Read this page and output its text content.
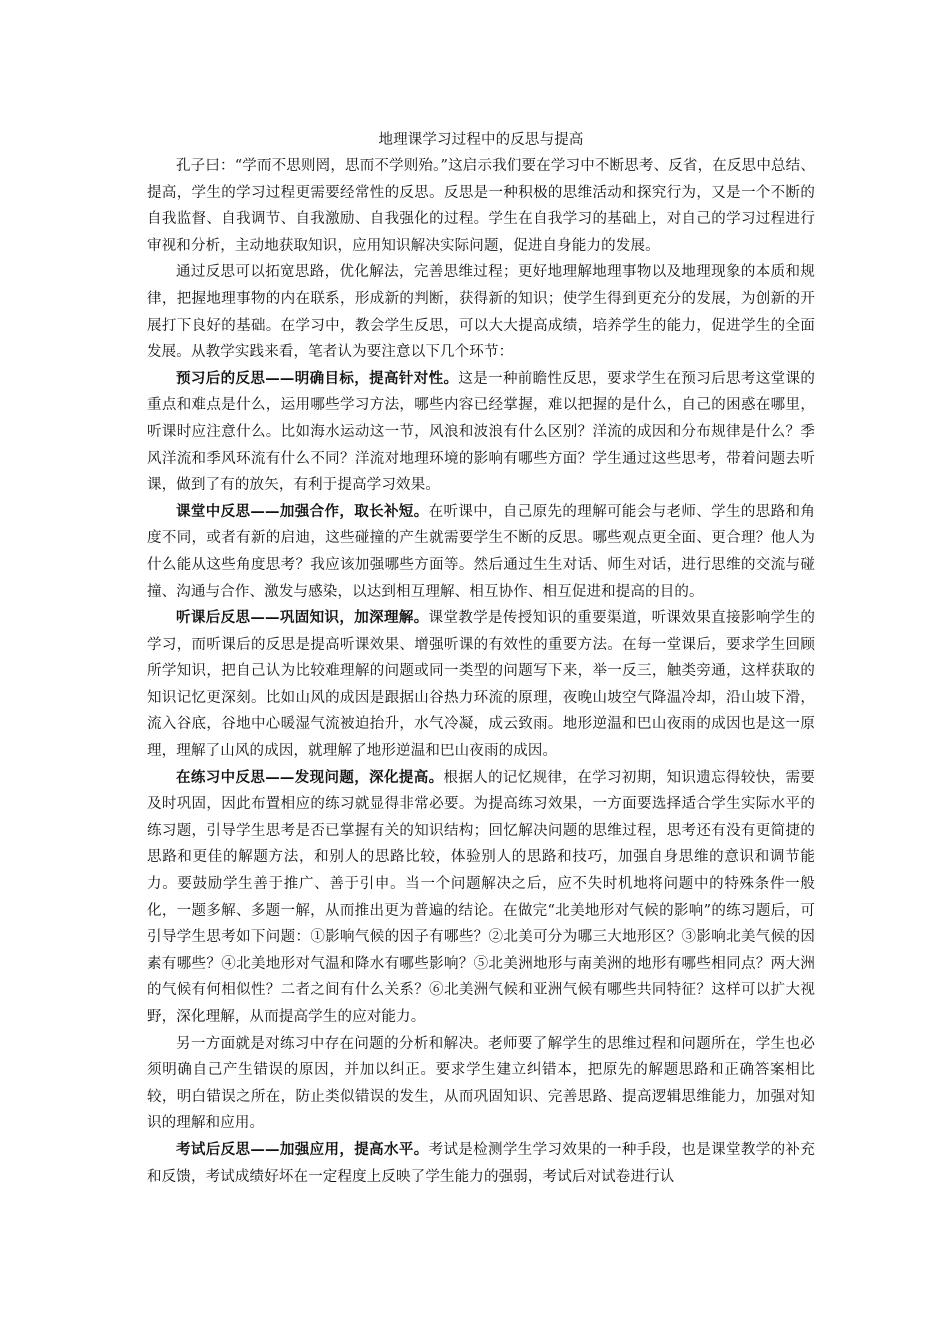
地理课学习过程中的反思与提高

孔子曰：“学而不思则罔，思而不学则殆。”这启示我们要在学习中不断思考、反省，在反思中总结、提高，学生的学习过程更需要经常性的反思。反思是一种积极的思维活动和探究行为，又是一个不断的自我监督、自我调节、自我激励、自我强化的过程。学生在自我学习的基础上，对自己的学习过程进行审视和分析，主动地获取知识，应用知识解决实际问题，促进自身能力的发展。

通过反思可以拓宽思路，优化解法，完善思维过程；更好地理解地理事物以及地理现象的本质和规律，把握地理事物的内在联系，形成新的判断，获得新的知识；使学生得到更充分的发展，为创新的开展打下良好的基础。在学习中，教会学生反思，可以大大提高成绩，培养学生的能力，促进学生的全面发展。从教学实践来看，笔者认为要注意以下几个环节：

预习后的反思——明确目标，提高针对性。这是一种前瞻性反思，要求学生在预习后思考这堂课的重点和难点是什么，运用哪些学习方法，哪些内容已经掌握，难以把握的是什么，自己的困惑在哪里，听课时应注意什么。比如海水运动这一节，风浪和波浪有什么区别？洋流的成因和分布规律是什么？季风洋流和季风环流有什么不同？洋流对地理环境的影响有哪些方面？学生通过这些思考，带着问题去听课，做到了有的放矢，有利于提高学习效果。

课堂中反思——加强合作，取长补短。在听课中，自己原先的理解可能会与老师、学生的思路和角度不同，或者有新的启迪，这些碰撞的产生就需要学生不断的反思。哪些观点更全面、更合理？他人为什么能从这些角度思考？我应该加强哪些方面等。然后通过生生对话、师生对话，进行思维的交流与碰撞、沟通与合作、激发与感染，以达到相互理解、相互协作、相互促进和提高的目的。

听课后反思——巩固知识，加深理解。课堂教学是传授知识的重要渠道，听课效果直接影响学生的学习，而听课后的反思是提高听课效果、增强听课的有效性的重要方法。在每一堂课后，要求学生回顾所学知识，把自己认为比较难理解的问题或同一类型的问题写下来，举一反三，触类旁通，这样获取的知识记忆更深刻。比如山风的成因是跟据山谷热力环流的原理，夜晚山坡空气降温冷却，沿山坡下滑，流入谷底，谷地中心暖湿气流被迫抬升，水气冷凝，成云致雨。地形逆温和巴山夜雨的成因也是这一原理，理解了山风的成因，就理解了地形逆温和巴山夜雨的成因。

在练习中反思——发现问题，深化提高。根据人的记忆规律，在学习初期，知识遗忘得较快，需要及时巩固，因此布置相应的练习就显得非常必要。为提高练习效果，一方面要选择适合学生实际水平的练习题，引导学生思考是否已掌握有关的知识结构；回忆解决问题的思维过程，思考还有没有更简捷的思路和更佳的解题方法，和别人的思路比较，体验别人的思路和技巧，加强自身思维的意识和调节能力。要鼓励学生善于推广、善于引申。当一个问题解决之后，应不失时机地将问题中的特殊条件一般化，一题多解、多题一解，从而推出更为普遍的结论。在做完“北美地形对气候的影响”的练习题后，可引导学生思考如下问题：①影响气候的因子有哪些？②北美可分为哪三大地形区？③影响北美气候的因素有哪些？④北美地形对气温和降水有哪些影响？⑤北美洲地形与南美洲的地形有哪些相同点？两大洲的气候有何相似性？二者之间有什么关系？⑥北美洲气候和亚洲气候有哪些共同特征？这样可以扩大视野，深化理解，从而提高学生的应对能力。

另一方面就是对练习中存在问题的分析和解决。老师要了解学生的思维过程和问题所在，学生也必须明确自己产生错误的原因，并加以纠正。要求学生建立纠错本，把原先的解题思路和正确答案相比较，明白错误之所在，防止类似错误的发生，从而巩固知识、完善思路、提高逻辑思维能力，加强对知识的理解和应用。

考试后反思——加强应用，提高水平。考试是检测学生学习效果的一种手段，也是课堂教学的补充和反馈，考试成绩好坏在一定程度上反映了学生能力的强弱，考试后对试卷进行认
